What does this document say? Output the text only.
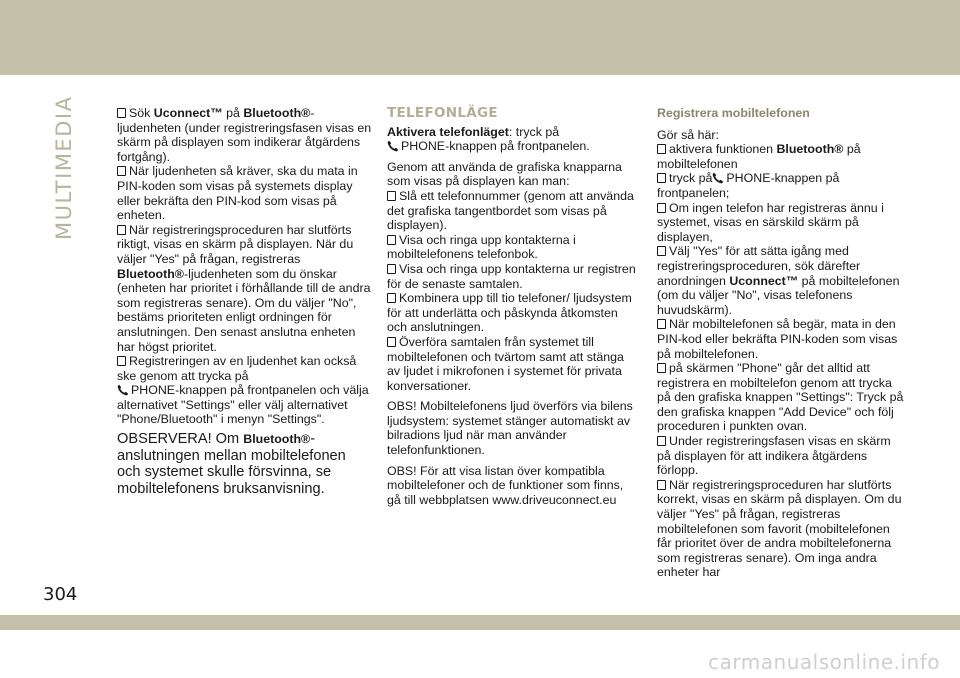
MULTIMEDIA	Sök Uconnect™ på Bluetooth®-ljudenheten (under registreringsfasen visas en skärm på displayen som indikerar åtgärdens fortgång).

När ljudenheten så kräver, ska du mata in PIN-koden som visas på systemets display eller bekräfta den PIN-kod som visas på enheten.

När registreringsproceduren har slutförts riktigt, visas en skärm på displayen. När du väljer "Yes" på frågan, registreras Bluetooth®-ljudenheten som du önskar (enheten har prioritet i förhållande till de andra som registreras senare). Om du väljer "No", bestäms prioriteten enligt ordningen för anslutningen. Den senast anslutna enheten har högst prioritet.

Registreringen av en ljudenhet kan också ske genom att trycka på
PHONE-knappen på frontpanelen och välja alternativet "Settings" eller välj alternativet "Phone/Bluetooth" i menyn "Settings".

OBSERVERA! Om Bluetooth®-anslutningen mellan mobiltelefonen och systemet skulle försvinna, se mobiltelefonens bruksanvisning.

TELEFONLÄGE

Aktivera telefonläget: tryck på
PHONE-knappen på frontpanelen.

Genom att använda de grafiska knapparna som visas på displayen kan man:

Slå ett telefonnummer (genom att använda det grafiska tangentbordet som visas på displayen).

Visa och ringa upp kontakterna i mobiltelefonens telefonbok.

Visa och ringa upp kontakterna ur registren för de senaste samtalen.

Kombinera upp till tio telefoner/ ljudsystem för att underlätta och påskynda åtkomsten och anslutningen.

Överföra samtalen från systemet till mobiltelefonen och tvärtom samt att stänga av ljudet i mikrofonen i systemet för privata konversationer.

OBS! Mobiltelefonens ljud överförs via bilens ljudsystem: systemet stänger automatiskt av bilradions ljud när man använder telefonfunktionen.

OBS! För att visa listan över kompatibla mobiltelefoner och de funktioner som finns, gå till webbplatsen www.driveuconnect.eu

Registrera mobiltelefonen

Gör så här:

aktivera funktionen Bluetooth® på mobiltelefonen

tryck på PHONE-knappen på frontpanelen;

Om ingen telefon har registreras ännu i systemet, visas en särskild skärm på displayen,

Välj "Yes" för att sätta igång med registreringsproceduren, sök därefter anordningen Uconnect™ på mobiltelefonen (om du väljer "No", visas telefonens huvudskärm).

När mobiltelefonen så begär, mata in den PIN-kod eller bekräfta PIN-koden som visas på mobiltelefonen.

på skärmen "Phone" går det alltid att registrera en mobiltelefon genom att trycka på den grafiska knappen "Settings": Tryck på den grafiska knappen "Add Device" och följ proceduren i punkten ovan.

Under registreringsfasen visas en skärm på displayen för att indikera åtgärdens förlopp.

När registreringsproceduren har slutförts korrekt, visas en skärm på displayen. Om du väljer "Yes" på frågan, registreras mobiltelefonen som favorit (mobiltelefonen får prioritet över de andra mobiltelefonerna som registreras senare). Om inga andra enheter har

304
carmanualsonline.info
